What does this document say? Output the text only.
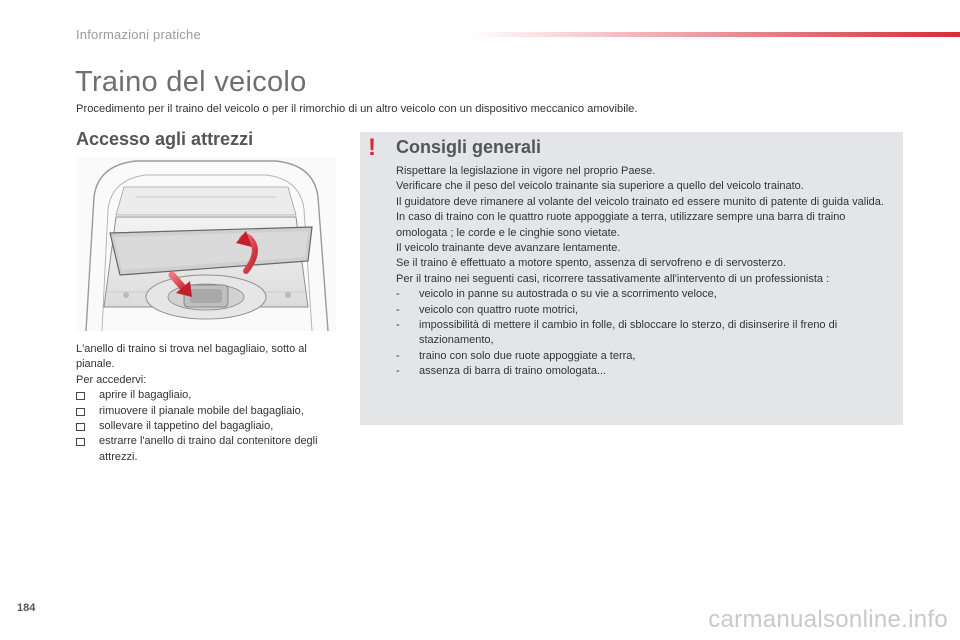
Informazioni pratiche
Traino del veicolo
Procedimento per il traino del veicolo o per il rimorchio di un altro veicolo con un dispositivo meccanico amovibile.
Accesso agli attrezzi

L'anello di traino si trova nel bagagliaio, sotto al pianale.

Per accedervi:

aprire il bagagliaio,
rimuovere il pianale mobile del bagagliaio,
sollevare il tappetino del bagagliaio,
estrarre l'anello di traino dal contenitore degli attrezzi.
! Consigli generali

Rispettare la legislazione in vigore nel proprio Paese.

Verificare che il peso del veicolo trainante sia superiore a quello del veicolo trainato.

Il guidatore deve rimanere al volante del veicolo trainato ed essere munito di patente di guida valida.

In caso di traino con le quattro ruote appoggiate a terra, utilizzare sempre una barra di traino omologata ; le corde e le cinghie sono vietate.

Il veicolo trainante deve avanzare lentamente.

Se il traino è effettuato a motore spento, assenza di servofreno e di servosterzo.

Per il traino nei seguenti casi, ricorrere tassativamente all'intervento di un professionista :

- veicolo in panne su autostrada o su vie a scorrimento veloce,
- veicolo con quattro ruote motrici,
- impossibilità di mettere il cambio in folle, di sbloccare lo sterzo, di disinserire il freno di stazionamento,
- traino con solo due ruote appoggiate a terra,
- assenza di barra di traino omologata...
184	carmanualsonline.info
